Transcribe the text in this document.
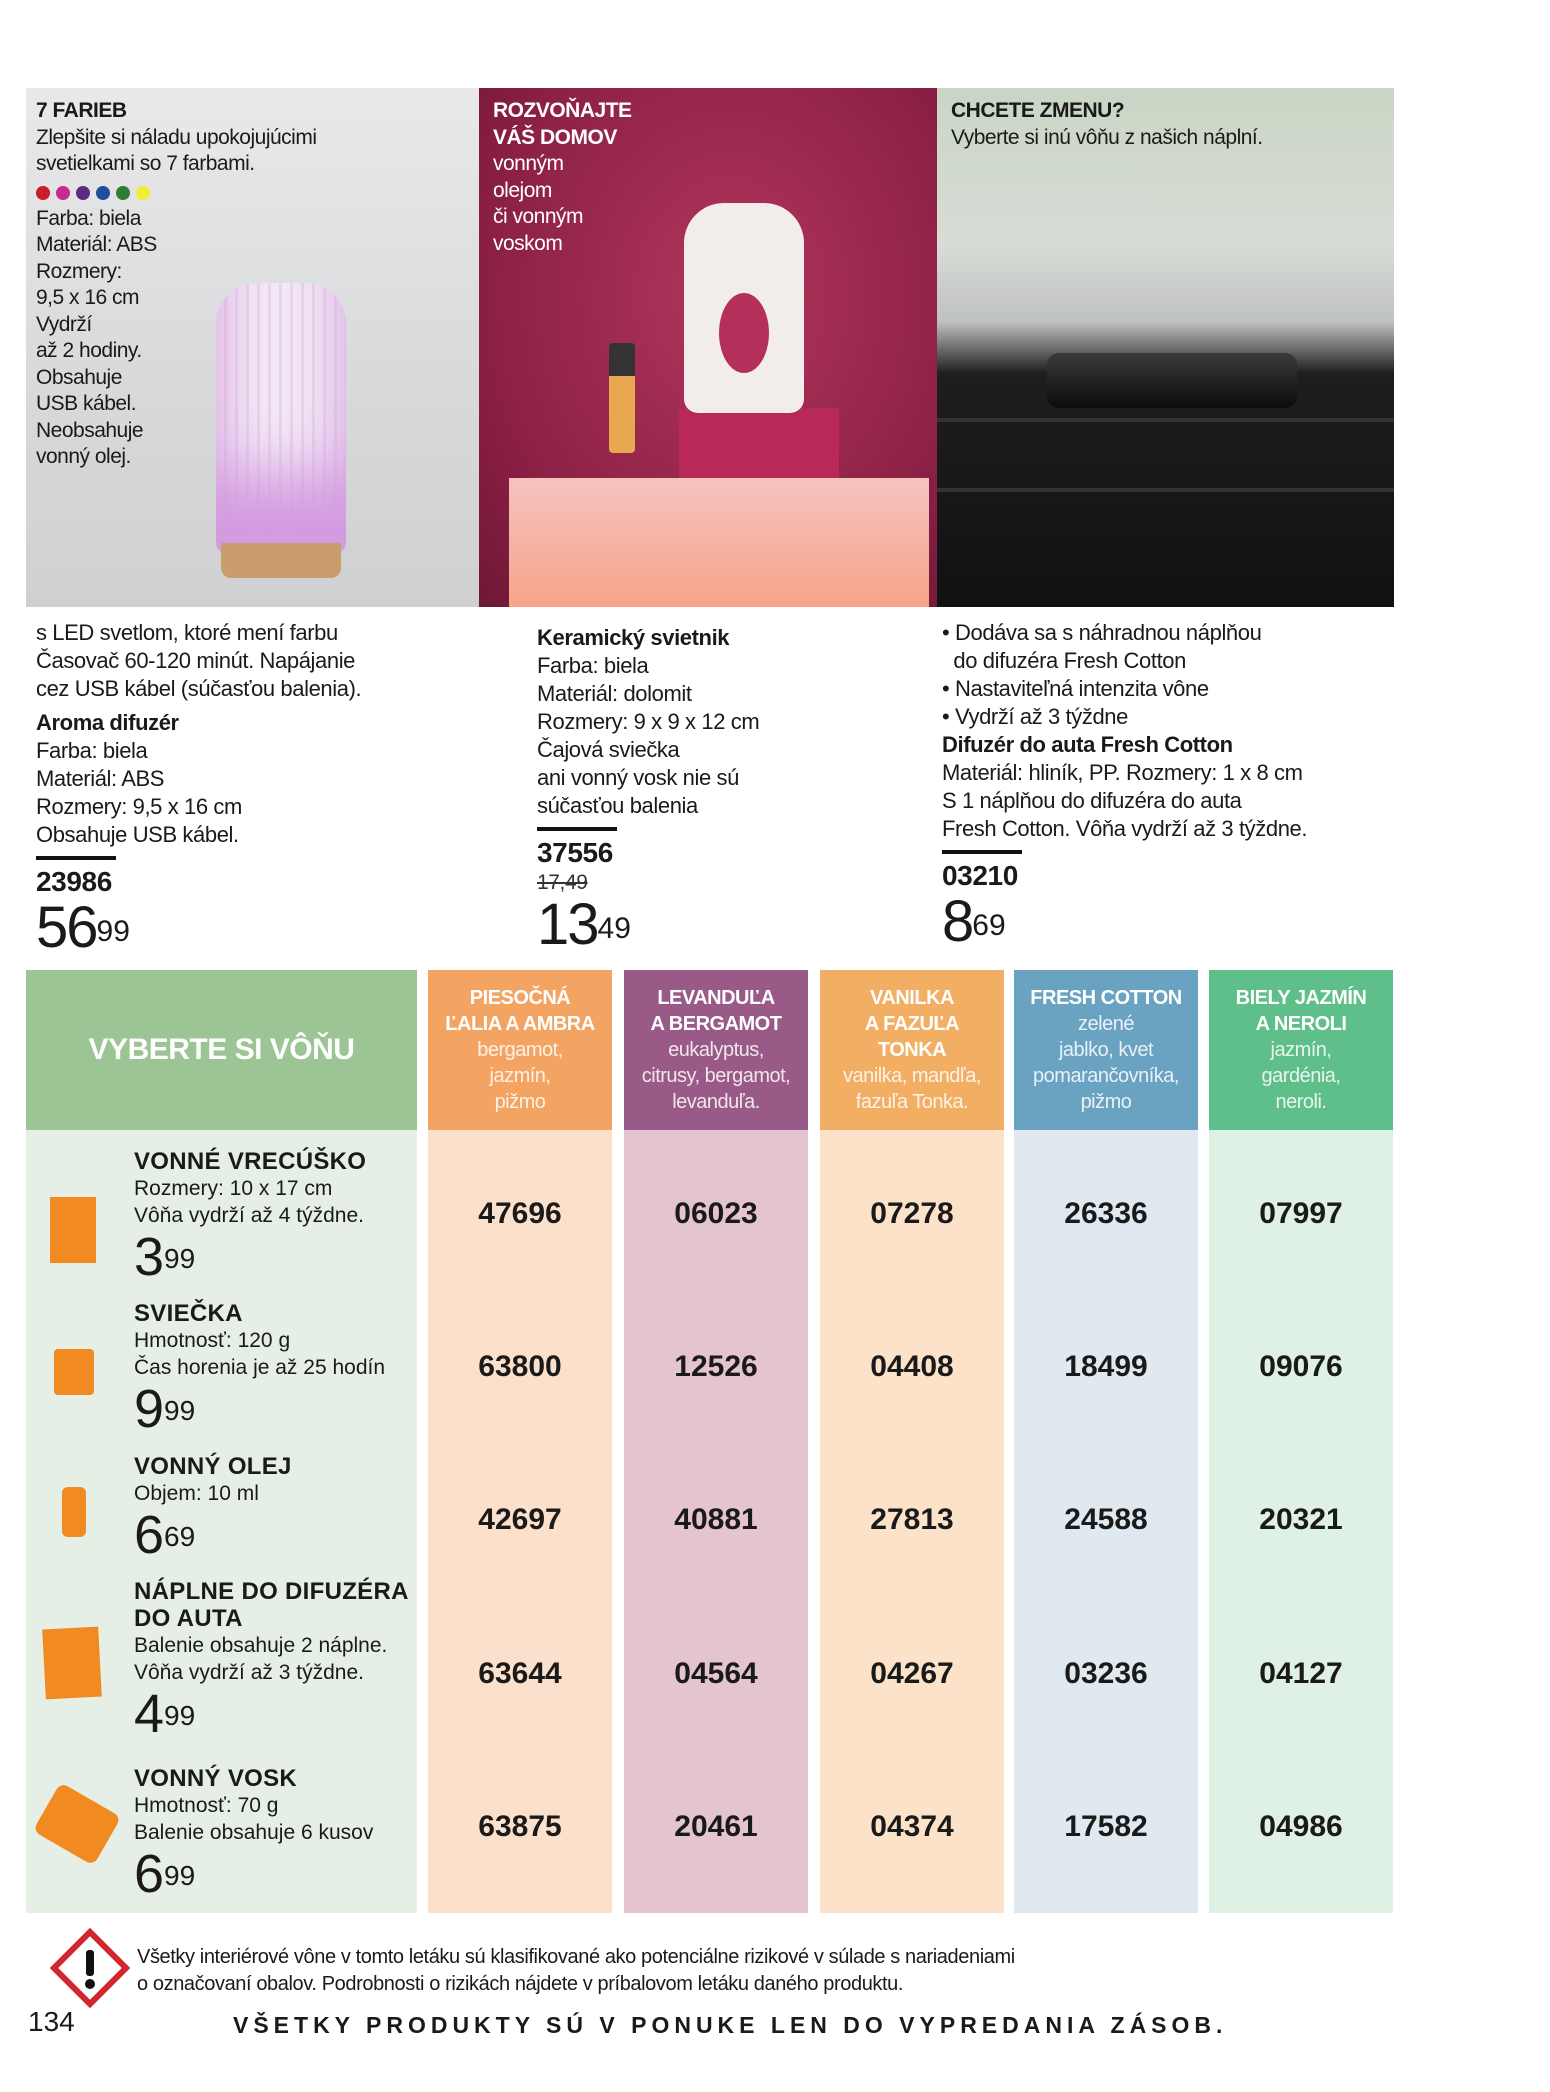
7 FARIEB
Zlepšite si náladu upokojujúcimi
svetielkami so 7 farbami.
Farba: biela
Materiál: ABS
Rozmery:
9,5 x 16 cm
Vydrží
až 2 hodiny.
Obsahuje
USB kábel.
Neobsahuje
vonný olej.
ROZVOŇAJTE
VÁŠ DOMOV
vonným
olejom
či vonným
voskom
CHCETE ZMENU?
Vyberte si inú vôňu z našich náplní.
s LED svetlom, ktoré mení farbu
Časovač 60-120 minút. Napájanie
cez USB kábel (súčasťou balenia).
Aroma difuzér
Farba: biela
Materiál: ABS
Rozmery: 9,5 x 16 cm
Obsahuje USB kábel.
23986
$56^{99}$
Keramický svietnik
Farba: biela
Materiál: dolomit
Rozmery: 9 x 9 x 12 cm
Čajová sviečka
ani vonný vosk nie sú
súčasťou balenia
37556
17,49
$13^{49}$
• Dodáva sa s náhradnou náplňou
do difuzéra Fresh Cotton
• Nastaviteľná intenzita vône
• Vydrží až 3 týždne
Difuzér do auta Fresh Cotton
Materiál: hliník, PP. Rozmery: 1 x 8 cm
S 1 náplňou do difuzéra do auta
Fresh Cotton. Vôňa vydrží až 3 týždne.
03210
$8^{69}$
VYBERTE SI VÔŇU
PIESOČNÁ
ĽALIA A AMBRA
bergamot,
jazmín,
pižmo
47696
63800
42697
63644
63875
LEVANDUĽA
A BERGAMOT
eukalyptus,
citrusy, bergamot,
levanduľa.
06023
12526
40881
04564
20461
VANILKA
A FAZUĽA
TONKA
vanilka, mandľa,
fazuľa Tonka.
07278
04408
27813
04267
04374
FRESH COTTON
zelené
jablko, kvet
pomarančovníka,
pižmo
26336
18499
24588
03236
17582
BIELY JAZMÍN
A NEROLI
jazmín,
gardénia,
neroli.
07997
09076
20321
04127
04986
VONNÉ VRECÚŠKO
Rozmery: 10 x 17 cm
Vôňa vydrží až 4 týždne.
$3^{99}$
SVIEČKA
Hmotnosť: 120 g
Čas horenia je až 25 hodín
$9^{99}$
VONNÝ OLEJ
Objem: 10 ml
$6^{69}$
NÁPLNE DO DIFUZÉRA DO AUTA
Balenie obsahuje 2 náplne.
Vôňa vydrží až 3 týždne.
$4^{99}$
VONNÝ VOSK
Hmotnosť: 70 g
Balenie obsahuje 6 kusov
$6^{99}$
Všetky interiérové vône v tomto letáku sú klasifikované ako potenciálne rizikové v súlade s nariadeniami
o označovaní obalov. Podrobnosti o rizikách nájdete v príbalovom letáku daného produktu.
134	VŠETKY PRODUKTY SÚ V PONUKE LEN DO VYPREDANIA ZÁSOB.
